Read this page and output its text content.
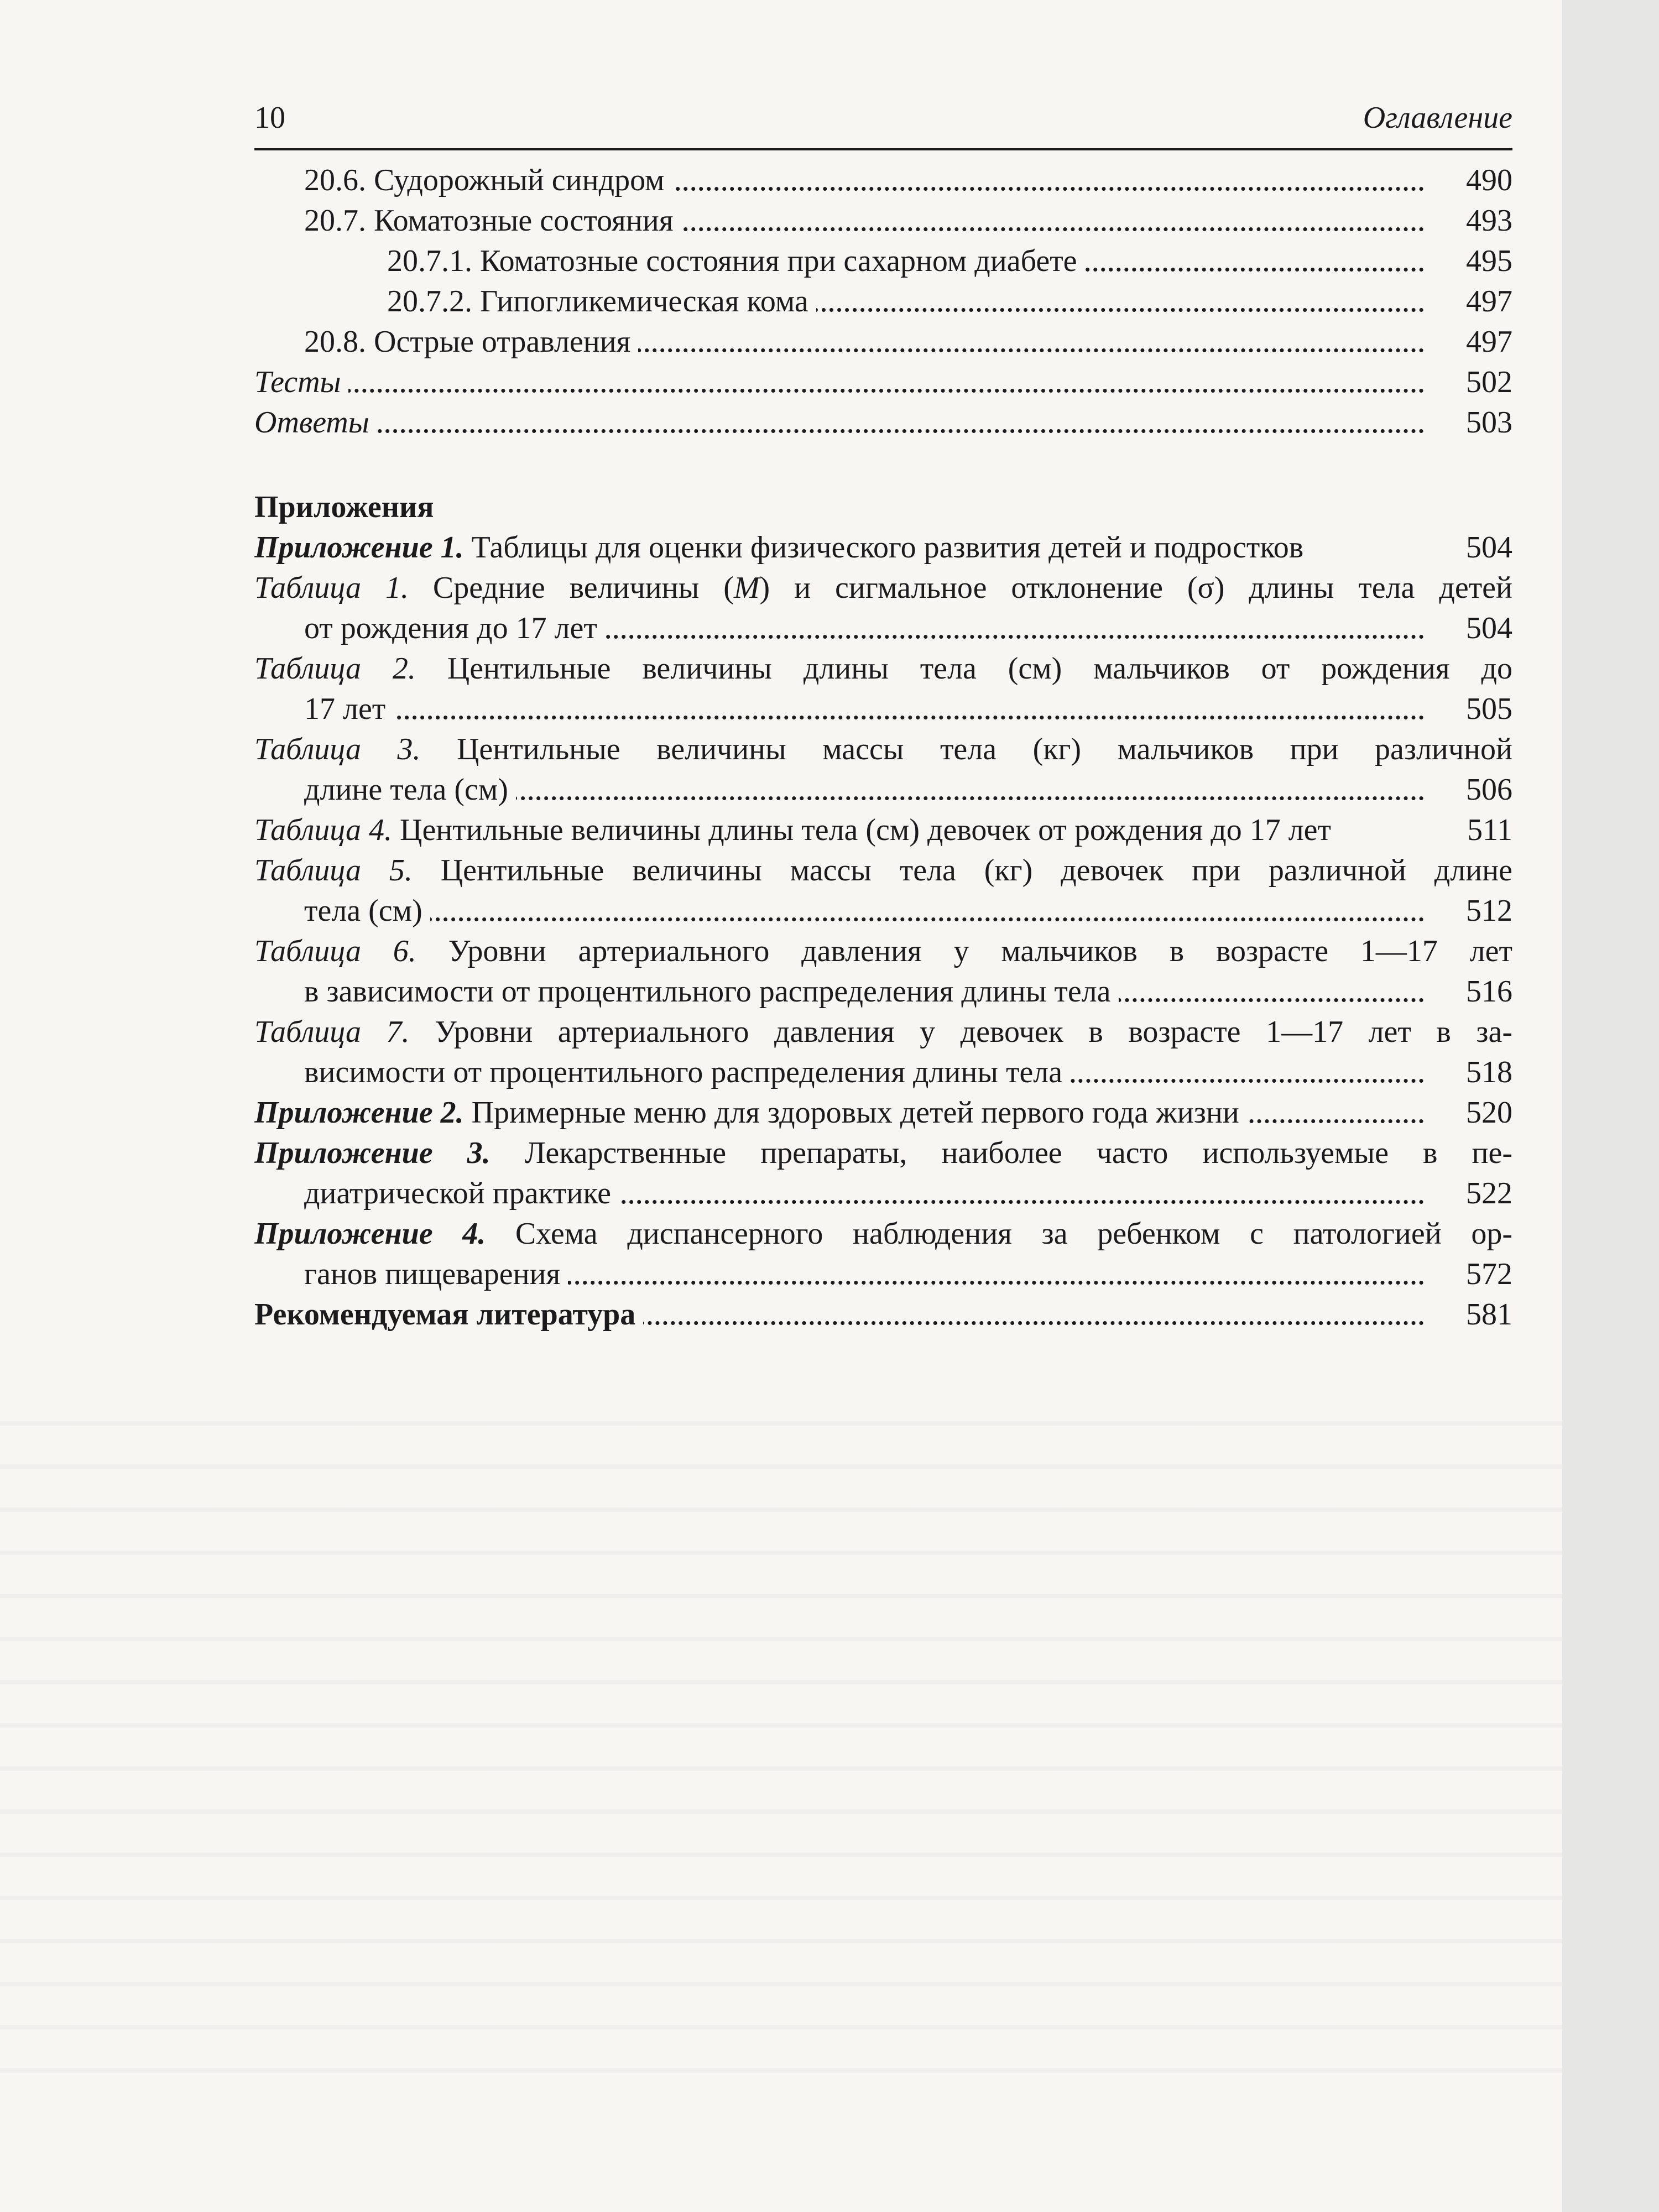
10	Оглавление
20.6. Судорожный синдром	490
20.7. Коматозные состояния	493
20.7.1. Коматозные состояния при сахарном диабете	495
20.7.2. Гипогликемическая кома	497
20.8. Острые отравления	497
Тесты	502
Ответы	503
Приложения
Приложение 1. Таблицы для оценки физического развития детей и подростков	504
Таблица 1. Средние величины (M) и сигмальное отклонение (σ) длины тела детей
от рождения до 17 лет	504
Таблица 2. Центильные величины длины тела (см) мальчиков от рождения до
17 лет	505
Таблица 3. Центильные величины массы тела (кг) мальчиков при различной
длине тела (см)	506
Таблица 4. Центильные величины длины тела (см) девочек от рождения до 17 лет	511
Таблица 5. Центильные величины массы тела (кг) девочек при различной длине
тела (см)	512
Таблица 6. Уровни артериального давления у мальчиков в возрасте 1—17 лет
в зависимости от процентильного распределения длины тела	516
Таблица 7. Уровни артериального давления у девочек в возрасте 1—17 лет в за-
висимости от процентильного распределения длины тела	518
Приложение 2. Примерные меню для здоровых детей первого года жизни	520
Приложение 3. Лекарственные препараты, наиболее часто используемые в пе-
диатрической практике	522
Приложение 4. Схема диспансерного наблюдения за ребенком с патологией ор-
ганов пищеварения	572
Рекомендуемая литература	581
